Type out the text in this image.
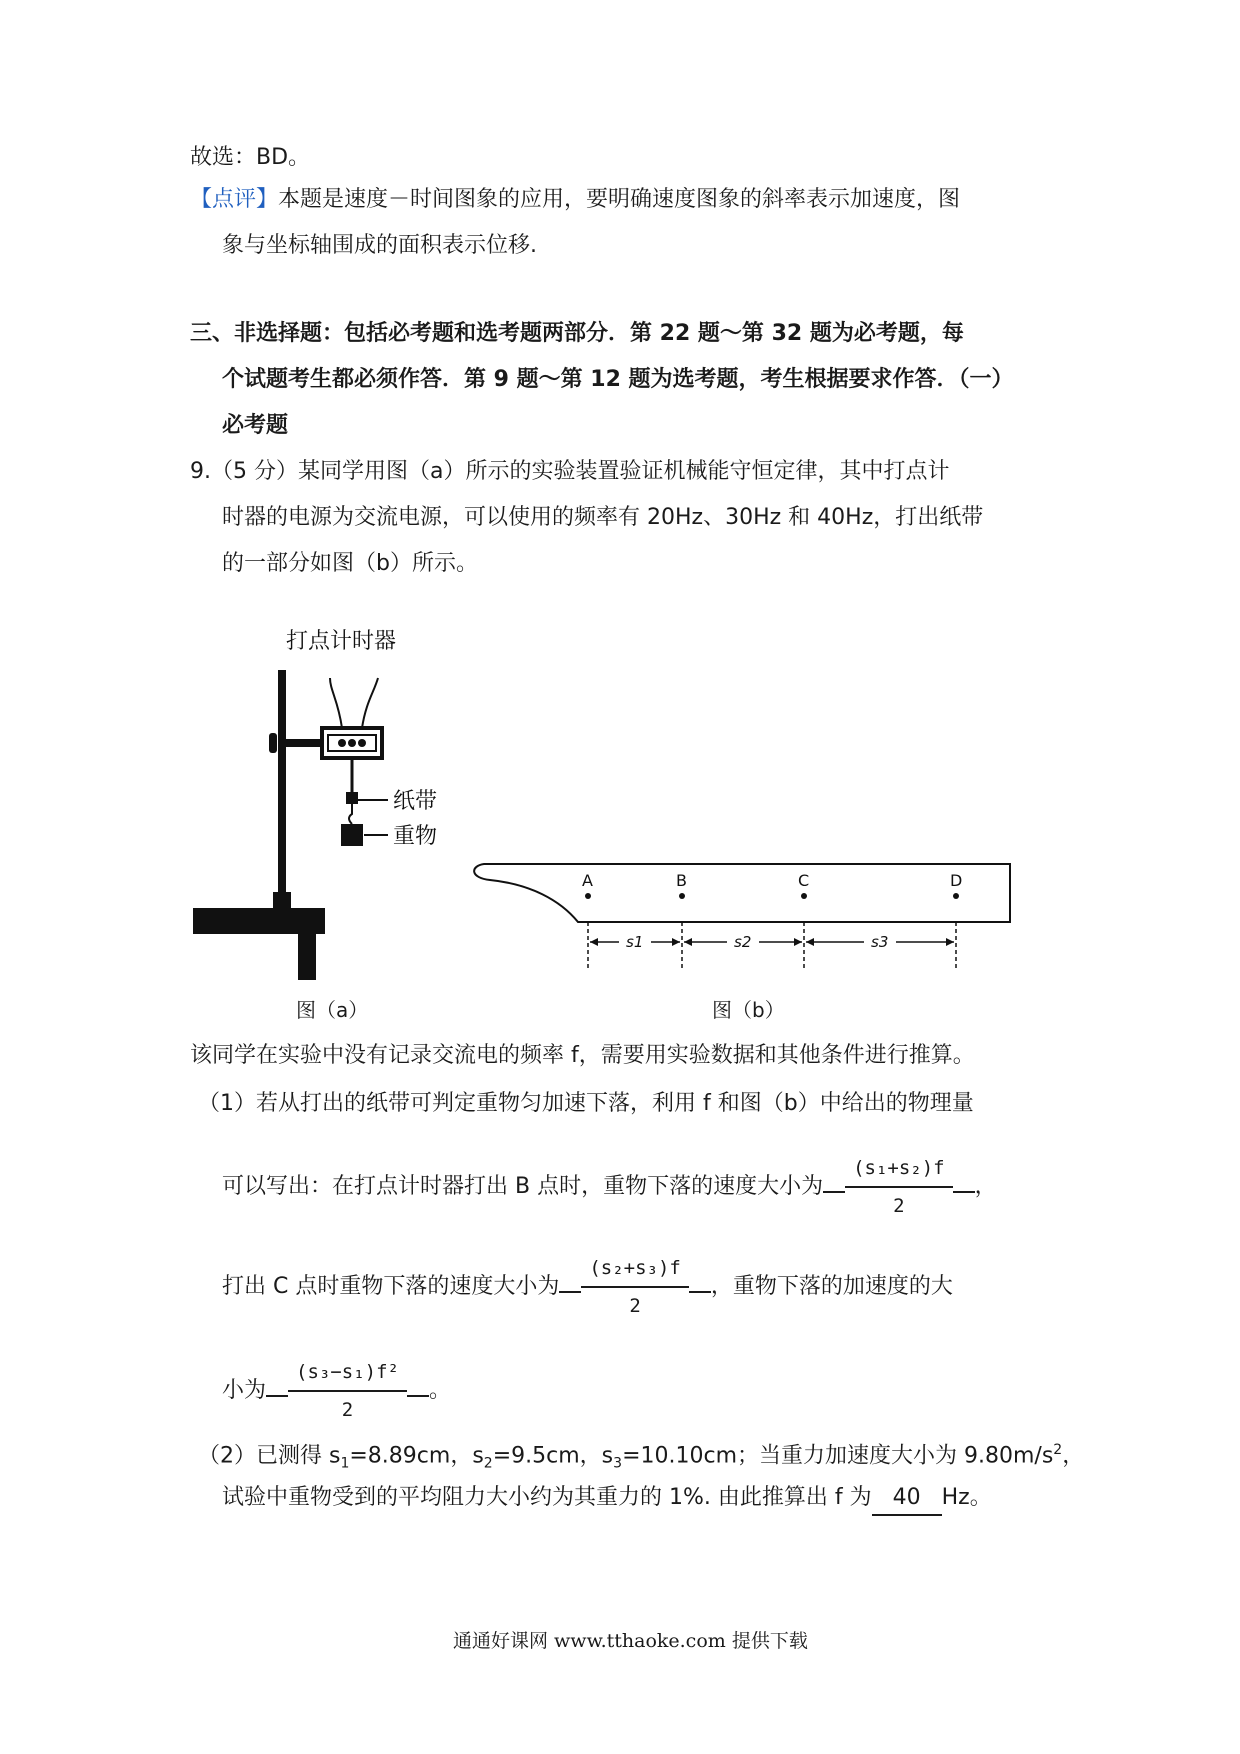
故选：BD。
【点评】本题是速度－时间图象的应用，要明确速度图象的斜率表示加速度，图
象与坐标轴围成的面积表示位移.
三、非选择题：包括必考题和选考题两部分．第 22 题～第 32 题为必考题，每
个试题考生都必须作答．第 9 题～第 12 题为选考题，考生根据要求作答．（一）
必考题
9.（5 分）某同学用图（a）所示的实验装置验证机械能守恒定律，其中打点计
时器的电源为交流电源，可以使用的频率有 20Hz、30Hz 和 40Hz，打出纸带
的一部分如图（b）所示。
打点计时器
纸带
重物
A	B	C	D
s1	s2	s3
图（a）	图（b）
该同学在实验中没有记录交流电的频率 f，需要用实验数据和其他条件进行推算。
（1）若从打出的纸带可判定重物匀加速下落，利用 f 和图（b）中给出的物理量
可以写出：在打点计时器打出 B 点时，重物下落的速度大小为 $\frac{\text{(s₁+s₂)f}}{2}$ ，
打出 C 点时重物下落的速度大小为 $\frac{\text{(s₂+s₃)f}}{2}$ ，重物下落的加速度的大
小为 $\frac{\text{(s₃−s₁)f²}}{2}$ 。
（2）已测得 $s_1=8.89cm$，$s_2=9.5cm$，$s_3=10.10cm$；当重力加速度大小为 $9.80m/s^2$，
试验中重物受到的平均阻力大小约为其重力的 1%. 由此推算出 f 为 40 Hz。
通通好课网 www.tthaoke.com 提供下载
